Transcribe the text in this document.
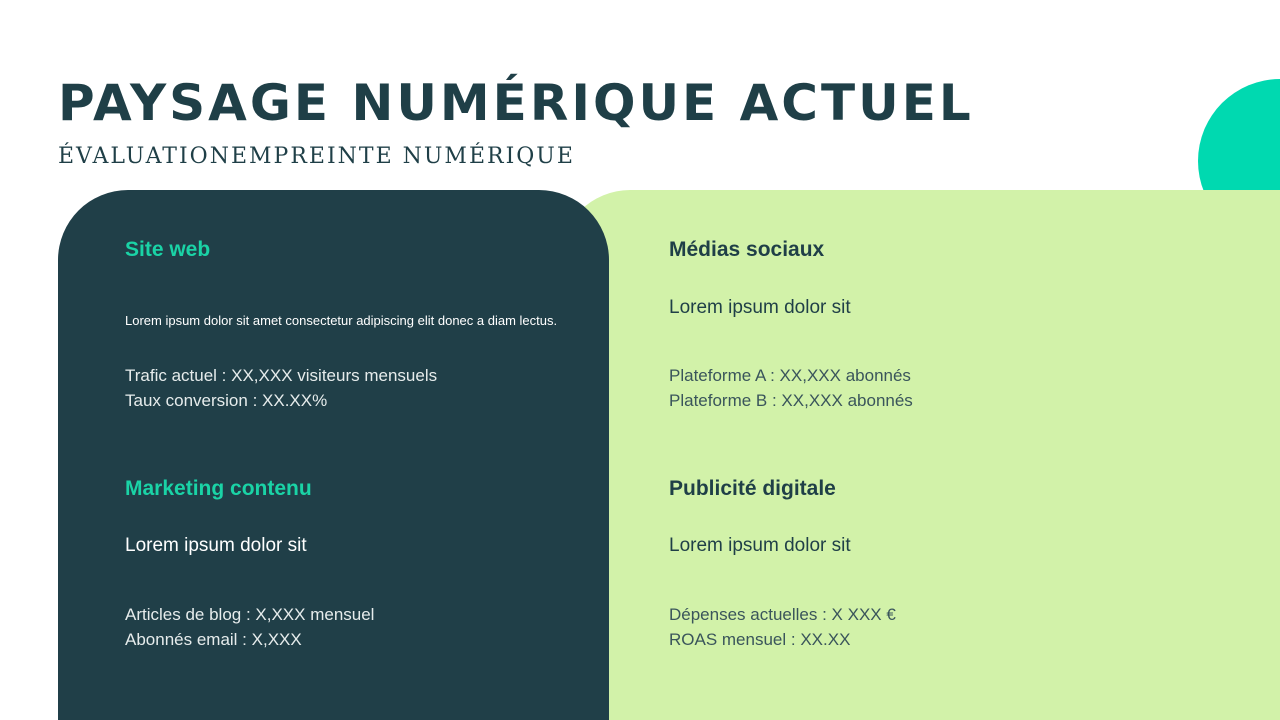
PAYSAGE NUMÉRIQUE ACTUEL
ÉVALUATIONEMPREINTE NUMÉRIQUE
Site web
Lorem ipsum dolor sit amet consectetur adipiscing elit donec a diam lectus.
Trafic actuel : XX,XXX visiteurs mensuels
Taux conversion : XX.XX%
Marketing contenu
Lorem ipsum dolor sit
Articles de blog : X,XXX mensuel
Abonnés email : X,XXX
Médias sociaux
Lorem ipsum dolor sit
Plateforme A : XX,XXX abonnés
Plateforme B : XX,XXX abonnés
Publicité digitale
Lorem ipsum dolor sit
Dépenses actuelles : X XXX €
ROAS mensuel : XX.XX
